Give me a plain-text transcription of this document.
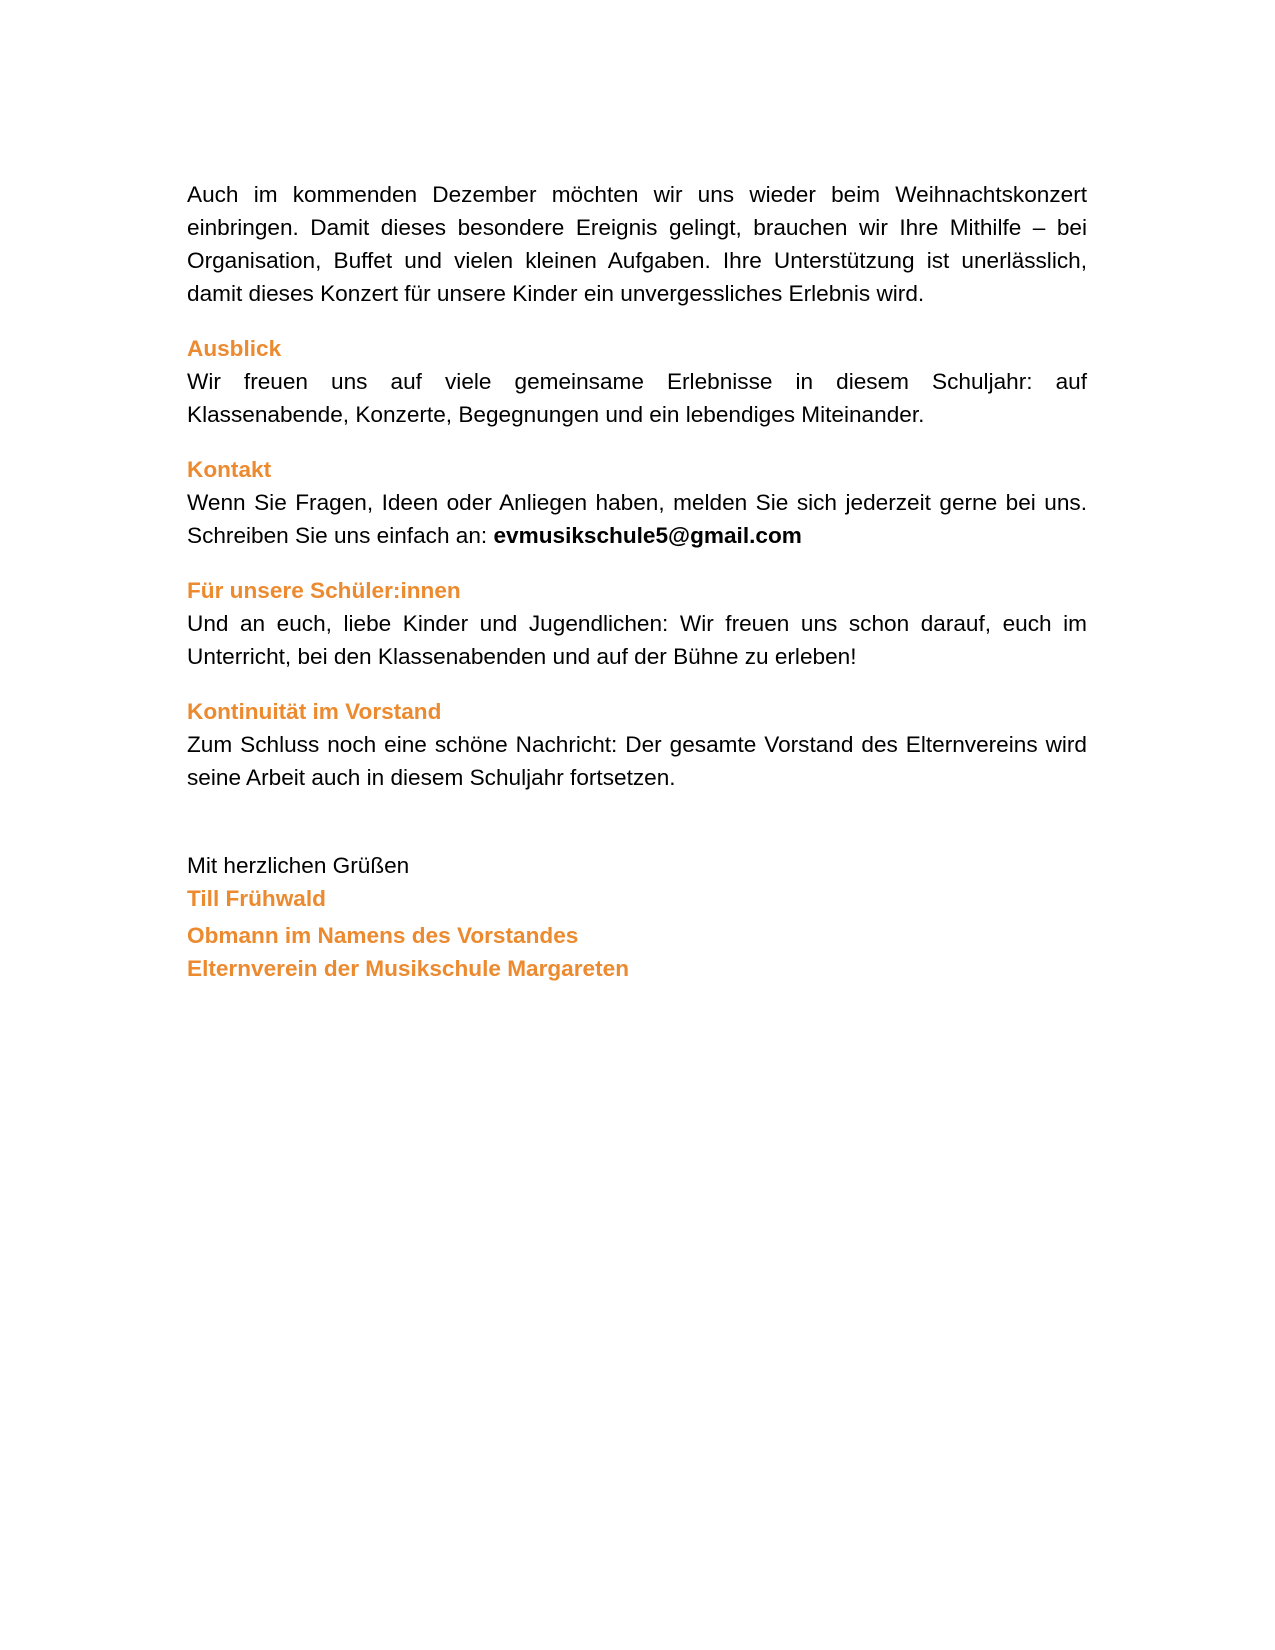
Auch im kommenden Dezember möchten wir uns wieder beim Weihnachtskonzert einbringen. Damit dieses besondere Ereignis gelingt, brauchen wir Ihre Mithilfe – bei Organisation, Buffet und vielen kleinen Aufgaben. Ihre Unterstützung ist unerlässlich, damit dieses Konzert für unsere Kinder ein unvergessliches Erlebnis wird.

Ausblick

Wir freuen uns auf viele gemeinsame Erlebnisse in diesem Schuljahr: auf Klassenabende, Konzerte, Begegnungen und ein lebendiges Miteinander.

Kontakt

Wenn Sie Fragen, Ideen oder Anliegen haben, melden Sie sich jederzeit gerne bei uns. Schreiben Sie uns einfach an: evmusikschule5@gmail.com

Für unsere Schüler:innen

Und an euch, liebe Kinder und Jugendlichen: Wir freuen uns schon darauf, euch im Unterricht, bei den Klassenabenden und auf der Bühne zu erleben!

Kontinuität im Vorstand

Zum Schluss noch eine schöne Nachricht: Der gesamte Vorstand des Elternvereins wird seine Arbeit auch in diesem Schuljahr fortsetzen.

Mit herzlichen Grüßen

Till Frühwald
Obmann im Namens des Vorstandes
Elternverein der Musikschule Margareten
